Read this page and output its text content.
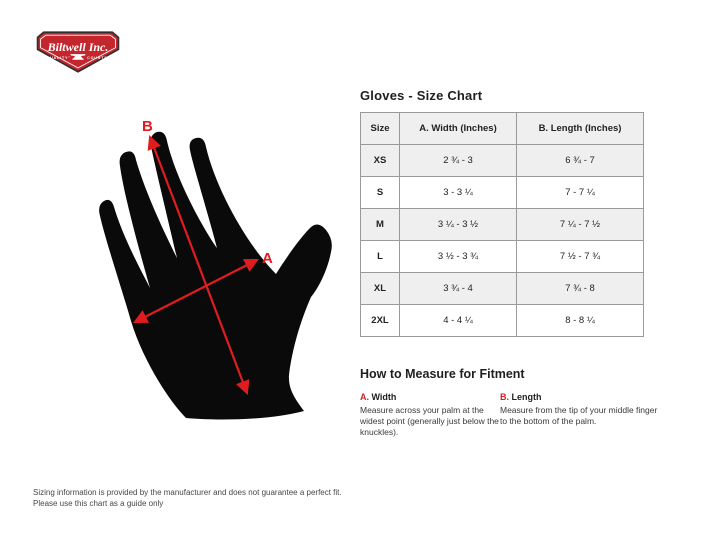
Biltwell Inc.
"QUALITY"	COUNTS"
B
A
Gloves - Size Chart
Size	A. Width (Inches)	B. Length (Inches)
XS	2 ¾ - 3	6 ¾ - 7
S	3 - 3 ¼	7 - 7 ¼
M	3 ¼ - 3 ½	7 ¼ - 7 ½
L	3 ½ - 3 ¾	7 ½ - 7 ¾
XL	3 ¾ - 4	7 ¾ - 8
2XL	4 - 4 ¼	8 - 8 ¼
How to Measure for Fitment
A. Width
Measure across your palm at the widest point (generally just below the knuckles).
B. Length
Measure from the tip of your middle finger to the bottom of the palm.
Sizing information is provided by the manufacturer and does not guarantee a perfect fit.
Please use this chart as a guide only
